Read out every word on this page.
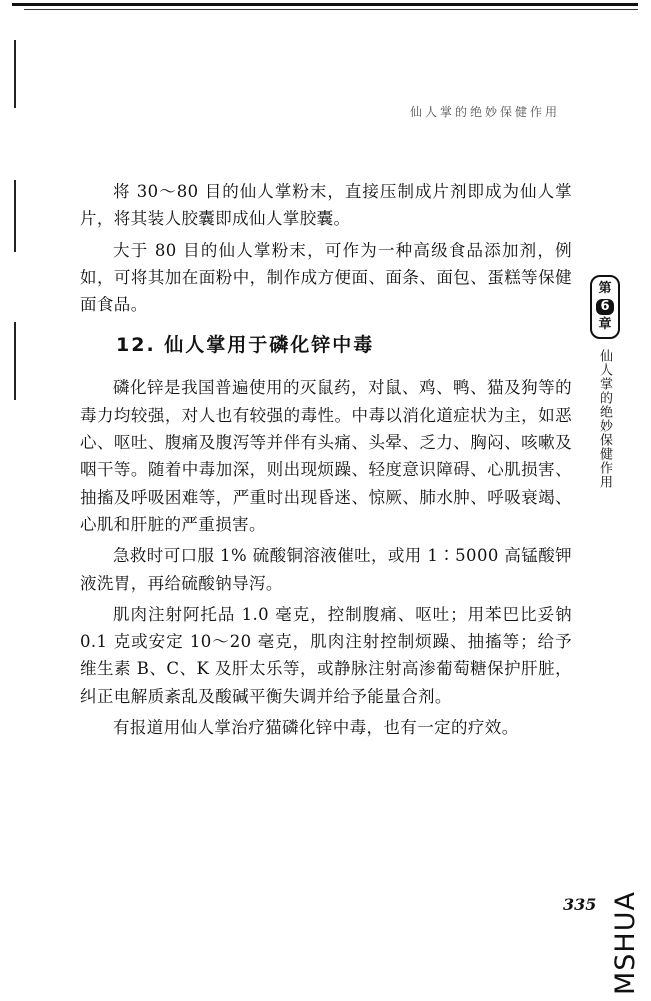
仙人掌的绝妙保健作用

将 30～80 目的仙人掌粉末，直接压制成片剂即成为仙人掌片，将其装人胶囊即成仙人掌胶囊。

大于 80 目的仙人掌粉末，可作为一种高级食品添加剂，例如，可将其加在面粉中，制作成方便面、面条、面包、蛋糕等保健面食品。

12. 仙人掌用于磷化锌中毒

磷化锌是我国普遍使用的灭鼠药，对鼠、鸡、鸭、猫及狗等的毒力均较强，对人也有较强的毒性。中毒以消化道症状为主，如恶心、呕吐、腹痛及腹泻等并伴有头痛、头晕、乏力、胸闷、咳嗽及咽干等。随着中毒加深，则出现烦躁、轻度意识障碍、心肌损害、抽搐及呼吸困难等，严重时出现昏迷、惊厥、肺水肿、呼吸衰竭、心肌和肝脏的严重损害。

急救时可口服 1% 硫酸铜溶液催吐，或用 1∶5000 高锰酸钾液洗胃，再给硫酸钠导泻。

肌肉注射阿托品 1.0 毫克，控制腹痛、呕吐；用苯巴比妥钠 0.1 克或安定 10～20 毫克，肌肉注射控制烦躁、抽搐等；给予维生素 B、C、K 及肝太乐等，或静脉注射高渗葡萄糖保护肝脏，纠正电解质紊乱及酸碱平衡失调并给予能量合剂。

有报道用仙人掌治疗猫磷化锌中毒，也有一定的疗效。

第
6
章
仙人掌的绝妙保健作用
335 MSHUA
